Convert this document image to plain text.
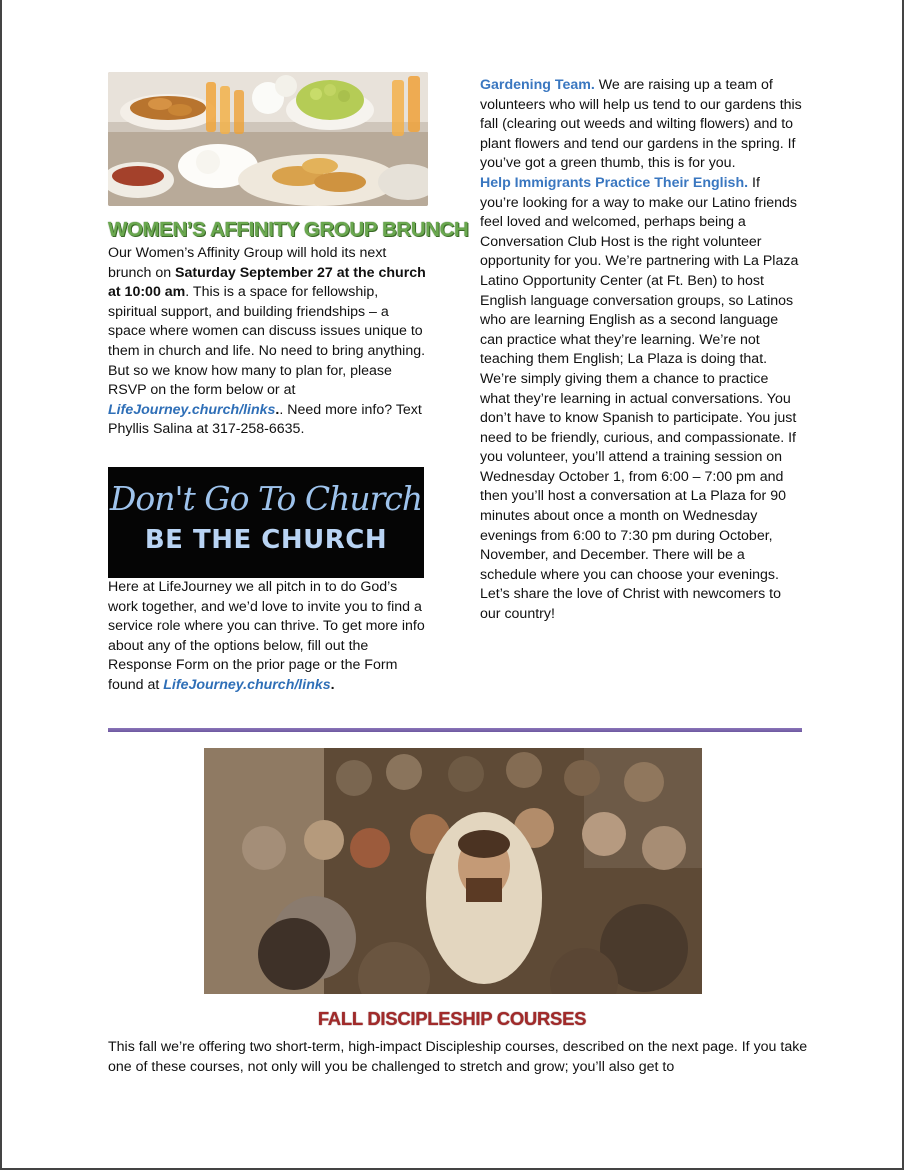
WOMEN’S AFFINITY GROUP BRUNCH

Our Women’s Affinity Group will hold its next brunch on Saturday September 27 at the church at 10:00 am. This is a space for fellowship, spiritual support, and building friendships – a space where women can discuss issues unique to them in church and life. No need to bring anything. But so we know how many to plan for, please RSVP on the form below or at LifeJourney.church/links.. Need more info? Text Phyllis Salina at 317-258-6635.

Don't Go To Church
BE THE CHURCH

Here at LifeJourney we all pitch in to do God’s work together, and we’d love to invite you to find a service role where you can thrive. To get more info about any of the options below, fill out the Response Form on the prior page or the Form found at LifeJourney.church/links.

Gardening Team. We are raising up a team of volunteers who will help us tend to our gardens this fall (clearing out weeds and wilting flowers) and to plant flowers and tend our gardens in the spring. If you’ve got a green thumb, this is for you.

Help Immigrants Practice Their English. If you’re looking for a way to make our Latino friends feel loved and welcomed, perhaps being a Conversation Club Host is the right volunteer opportunity for you. We’re partnering with La Plaza Latino Opportunity Center (at Ft. Ben) to host English language conversation groups, so Latinos who are learning English as a second language can practice what they’re learning. We’re not teaching them English; La Plaza is doing that. We’re simply giving them a chance to practice what they’re learning in actual conversations. You don’t have to know Spanish to participate. You just need to be friendly, curious, and compassionate. If you volunteer, you’ll attend a training session on Wednesday October 1, from 6:00 – 7:00 pm and then you’ll host a conversation at La Plaza for 90 minutes about once a month on Wednesday evenings from 6:00 to 7:30 pm during October, November, and December. There will be a schedule where you can choose your evenings. Let’s share the love of Christ with newcomers to our country!

FALL DISCIPLESHIP COURSES

This fall we’re offering two short-term, high-impact Discipleship courses, described on the next page. If you take one of these courses, not only will you be challenged to stretch and grow; you’ll also get to
